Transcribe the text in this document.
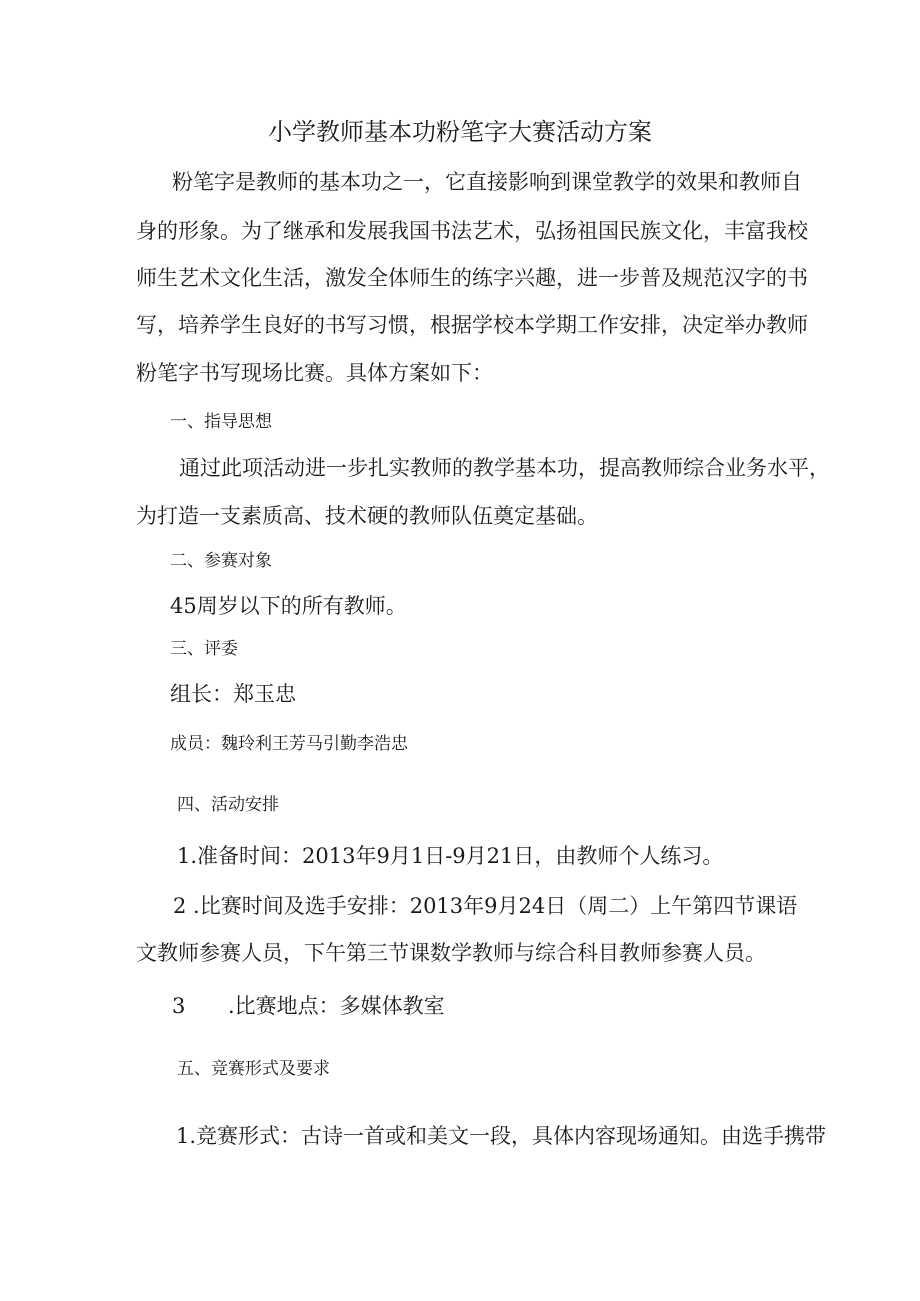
小学教师基本功粉笔字大赛活动方案
粉笔字是教师的基本功之一，它直接影响到课堂教学的效果和教师自
身的形象。为了继承和发展我国书法艺术，弘扬祖国民族文化，丰富我校
师生艺术文化生活，激发全体师生的练字兴趣，进一步普及规范汉字的书
写，培养学生良好的书写习惯，根据学校本学期工作安排，决定举办教师
粉笔字书写现场比赛。具体方案如下：
一、指导思想
通过此项活动进一步扎实教师的教学基本功，提高教师综合业务水平，
为打造一支素质高、技术硬的教师队伍奠定基础。
二、参赛对象
45周岁以下的所有教师。
三、评委
组长：郑玉忠
成员：魏玲利王芳马引勤李浩忠
四、活动安排
1.准备时间：2013年9月1日-9月21日，由教师个人练习。
2 .比赛时间及选手安排：2013年9月24日（周二）上午第四节课语
文教师参赛人员，下午第三节课数学教师与综合科目教师参赛人员。
3 .比赛地点：多媒体教室
五、竞赛形式及要求
1.竞赛形式：古诗一首或和美文一段，具体内容现场通知。由选手携带
